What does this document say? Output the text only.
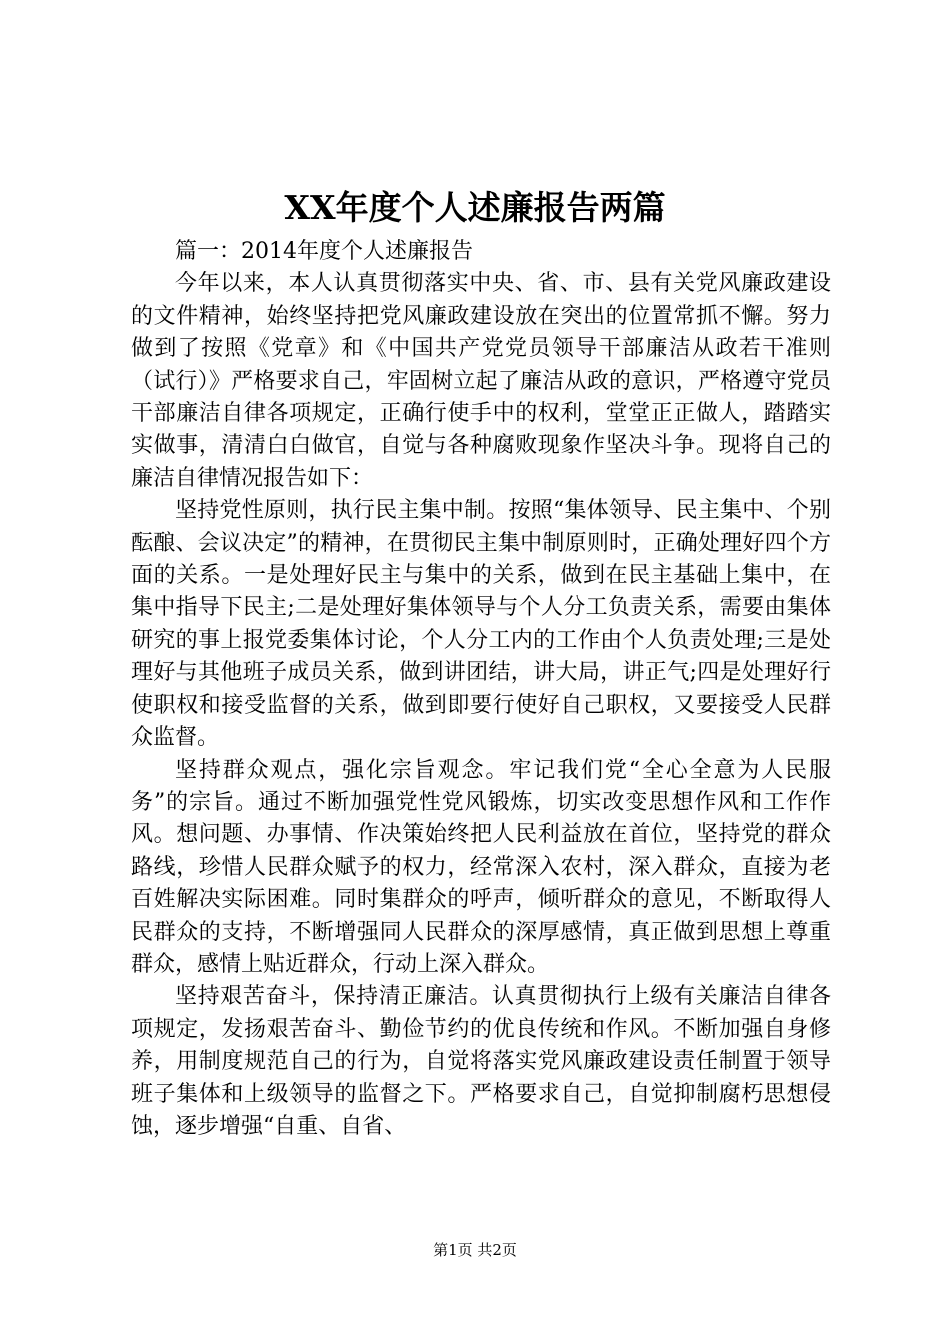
XX年度个人述廉报告两篇

篇一：2014年度个人述廉报告

今年以来，本人认真贯彻落实中央、省、市、县有关党风廉政建设的文件精神，始终坚持把党风廉政建设放在突出的位置常抓不懈。努力做到了按照《党章》和《中国共产党党员领导干部廉洁从政若干准则（试行）》严格要求自己，牢固树立起了廉洁从政的意识，严格遵守党员干部廉洁自律各项规定，正确行使手中的权利，堂堂正正做人，踏踏实实做事，清清白白做官，自觉与各种腐败现象作坚决斗争。现将自己的廉洁自律情况报告如下：

坚持党性原则，执行民主集中制。按照“集体领导、民主集中、个别酝酿、会议决定”的精神，在贯彻民主集中制原则时，正确处理好四个方面的关系。一是处理好民主与集中的关系，做到在民主基础上集中，在集中指导下民主;二是处理好集体领导与个人分工负责关系，需要由集体研究的事上报党委集体讨论，个人分工内的工作由个人负责处理;三是处理好与其他班子成员关系，做到讲团结，讲大局，讲正气;四是处理好行使职权和接受监督的关系，做到即要行使好自己职权，又要接受人民群众监督。

坚持群众观点，强化宗旨观念。牢记我们党“全心全意为人民服务”的宗旨。通过不断加强党性党风锻炼，切实改变思想作风和工作作风。想问题、办事情、作决策始终把人民利益放在首位，坚持党的群众路线，珍惜人民群众赋予的权力，经常深入农村，深入群众，直接为老百姓解决实际困难。同时集群众的呼声，倾听群众的意见，不断取得人民群众的支持，不断增强同人民群众的深厚感情，真正做到思想上尊重群众，感情上贴近群众，行动上深入群众。

坚持艰苦奋斗，保持清正廉洁。认真贯彻执行上级有关廉洁自律各项规定，发扬艰苦奋斗、勤俭节约的优良传统和作风。不断加强自身修养，用制度规范自己的行为，自觉将落实党风廉政建设责任制置于领导班子集体和上级领导的监督之下。严格要求自己，自觉抑制腐朽思想侵蚀，逐步增强“自重、自省、

第1页 共2页
